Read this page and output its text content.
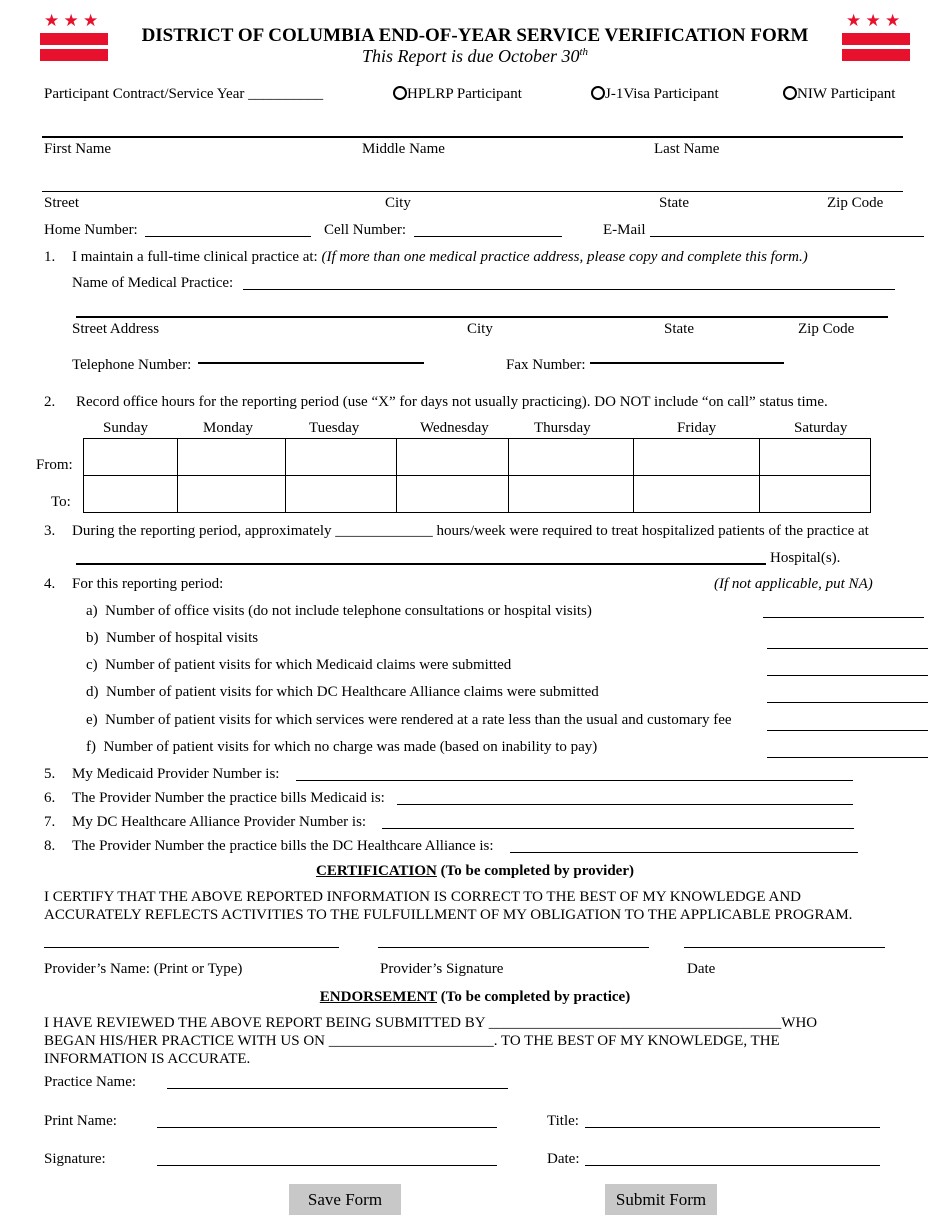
★ ★ ★	★ ★ ★
DISTRICT OF COLUMBIA END-OF-YEAR SERVICE VERIFICATION FORM
This Report is due October 30th
Participant Contract/Service Year __________	HPLRP Participant	J-1Visa Participant	NIW Participant
First Name	Middle Name	Last Name
Street	City	State	Zip Code
Home Number:	Cell Number:	E-Mail
1. I maintain a full-time clinical practice at: (If more than one medical practice address, please copy and complete this form.)
Name of Medical Practice:
Street Address	City	State	Zip Code
Telephone Number:	Fax Number:
2. Record office hours for the reporting period (use “X” for days not usually practicing). DO NOT include “on call” status time.
Sunday	Monday	Tuesday	Wednesday	Thursday	Friday	Saturday
From:
To:

3. During the reporting period, approximately _____________ hours/week were required to treat hospitalized patients of the practice at
Hospital(s).
4. For this reporting period:	(If not applicable, put NA)
a) Number of office visits (do not include telephone consultations or hospital visits)
b) Number of hospital visits
c) Number of patient visits for which Medicaid claims were submitted
d) Number of patient visits for which DC Healthcare Alliance claims were submitted
e) Number of patient visits for which services were rendered at a rate less than the usual and customary fee
f) Number of patient visits for which no charge was made (based on inability to pay)
5. My Medicaid Provider Number is:
6. The Provider Number the practice bills Medicaid is:
7. My DC Healthcare Alliance Provider Number is:
8. The Provider Number the practice bills the DC Healthcare Alliance is:
CERTIFICATION (To be completed by provider)
I CERTIFY THAT THE ABOVE REPORTED INFORMATION IS CORRECT TO THE BEST OF MY KNOWLEDGE AND
ACCURATELY REFLECTS ACTIVITIES TO THE FULFUILLMENT OF MY OBLIGATION TO THE APPLICABLE PROGRAM.
Provider’s Name: (Print or Type)	Provider’s Signature	Date
ENDORSEMENT (To be completed by practice)
I HAVE REVIEWED THE ABOVE REPORT BEING SUBMITTED BY _______________________________________WHO
BEGAN HIS/HER PRACTICE WITH US ON ______________________. TO THE BEST OF MY KNOWLEDGE, THE
INFORMATION IS ACCURATE.
Practice Name:
Print Name:	Title:
Signature:	Date:
Save Form	Submit Form
